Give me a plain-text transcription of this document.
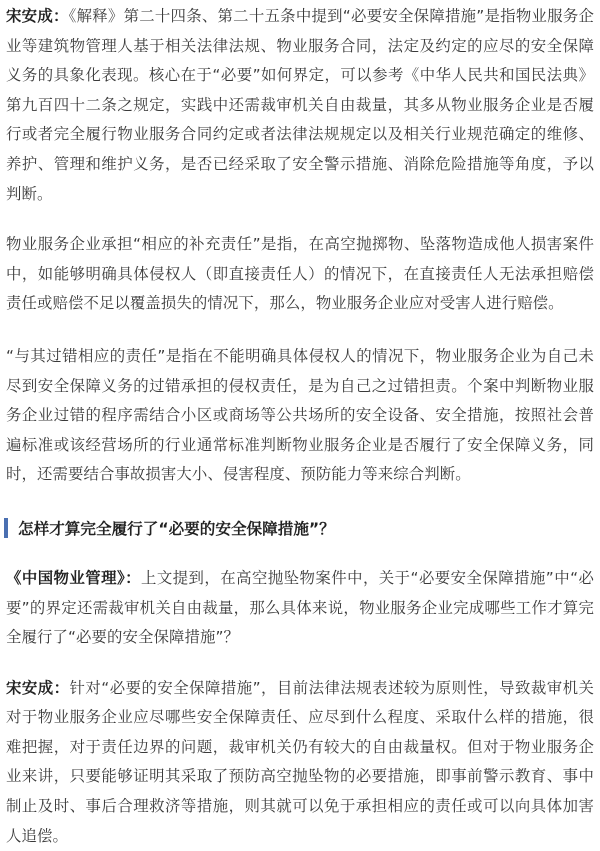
宋安成：《解释》第二十四条、第二十五条中提到“必要安全保障措施”是指物业服务企业等建筑物管理人基于相关法律法规、物业服务合同，法定及约定的应尽的安全保障义务的具象化表现。核心在于“必要”如何界定，可以参考《中华人民共和国民法典》第九百四十二条之规定，实践中还需裁审机关自由裁量，其多从物业服务企业是否履行或者完全履行物业服务合同约定或者法律法规规定以及相关行业规范确定的维修、养护、管理和维护义务，是否已经采取了安全警示措施、消除危险措施等角度，予以判断。

物业服务企业承担“相应的补充责任”是指，在高空抛掷物、坠落物造成他人损害案件中，如能够明确具体侵权人（即直接责任人）的情况下，在直接责任人无法承担赔偿责任或赔偿不足以覆盖损失的情况下，那么，物业服务企业应对受害人进行赔偿。

“与其过错相应的责任”是指在不能明确具体侵权人的情况下，物业服务企业为自己未尽到安全保障义务的过错承担的侵权责任，是为自己之过错担责。个案中判断物业服务企业过错的程序需结合小区或商场等公共场所的安全设备、安全措施，按照社会普遍标准或该经营场所的行业通常标准判断物业服务企业是否履行了安全保障义务，同时，还需要结合事故损害大小、侵害程度、预防能力等来综合判断。

怎样才算完全履行了“必要的安全保障措施”？

《中国物业管理》：上文提到，在高空抛坠物案件中，关于“必要安全保障措施”中“必要”的界定还需裁审机关自由裁量，那么具体来说，物业服务企业完成哪些工作才算完全履行了“必要的安全保障措施”？

宋安成：针对“必要的安全保障措施”，目前法律法规表述较为原则性，导致裁审机关对于物业服务企业应尽哪些安全保障责任、应尽到什么程度、采取什么样的措施，很难把握，对于责任边界的问题，裁审机关仍有较大的自由裁量权。但对于物业服务企业来讲，只要能够证明其采取了预防高空抛坠物的必要措施，即事前警示教育、事中制止及时、事后合理救济等措施，则其就可以免于承担相应的责任或可以向具体加害人追偿。
